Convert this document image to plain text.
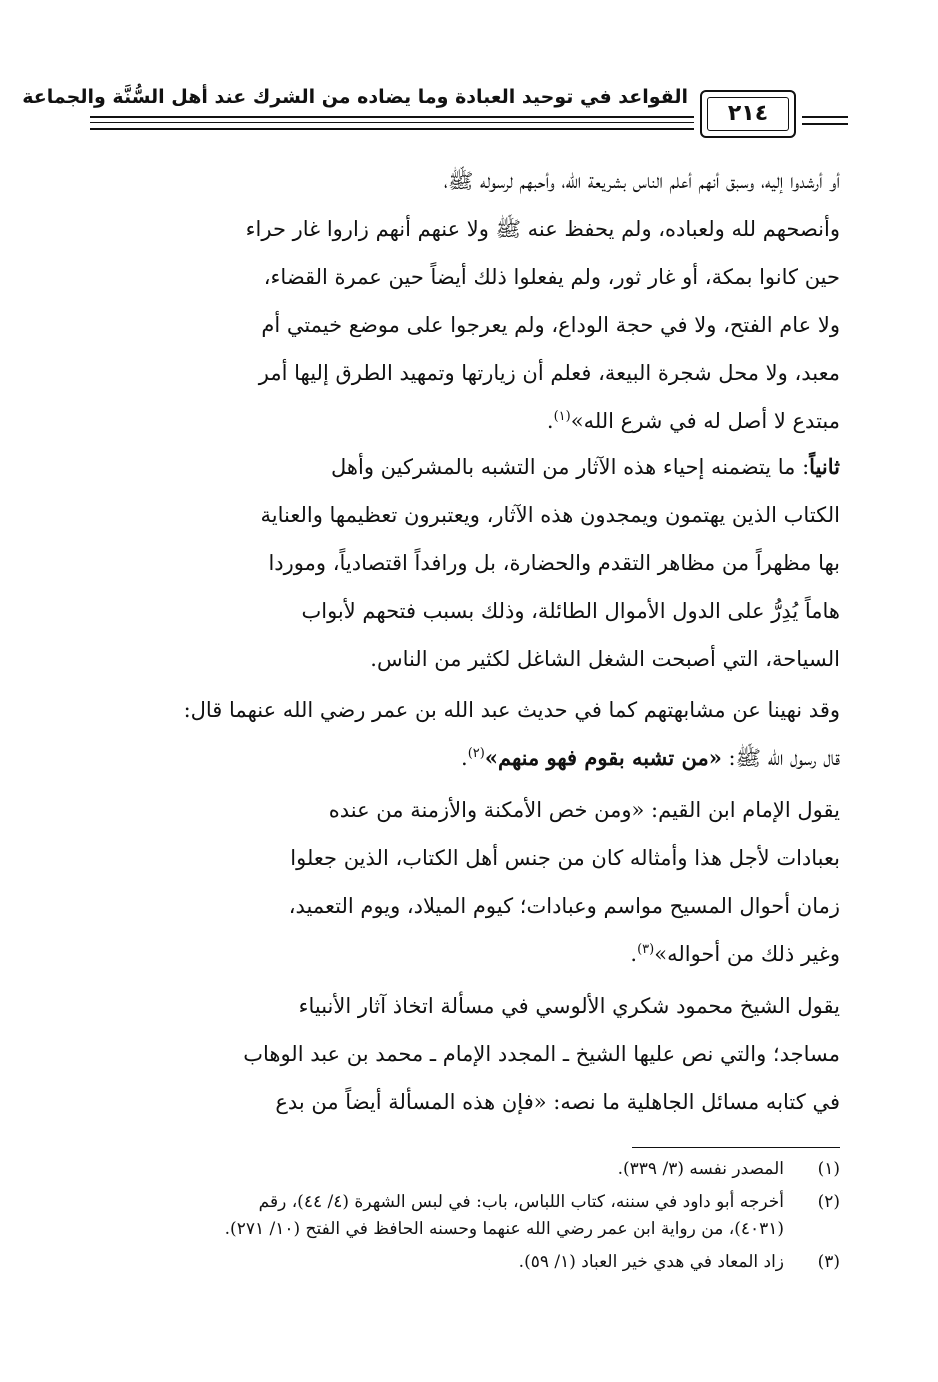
القواعد في توحيد العبادة وما يضاده من الشرك عند أهل السُّنَّة والجماعة
٢١٤
أو أرشدوا إليه، وسبق أنهم أعلم الناس بشريعة الله، وأحبهم لرسوله ﷺ،
وأنصحهم لله ولعباده، ولم يحفظ عنه ﷺ ولا عنهم أنهم زاروا غار حراء
حين كانوا بمكة، أو غار ثور، ولم يفعلوا ذلك أيضاً حين عمرة القضاء،
ولا عام الفتح، ولا في حجة الوداع، ولم يعرجوا على موضع خيمتي أم
معبد، ولا محل شجرة البيعة، فعلم أن زيارتها وتمهيد الطرق إليها أمر
مبتدع لا أصل له في شرع الله»$^{(١)}$.
ثانياً: ما يتضمنه إحياء هذه الآثار من التشبه بالمشركين وأهل
الكتاب الذين يهتمون ويمجدون هذه الآثار، ويعتبرون تعظيمها والعناية
بها مظهراً من مظاهر التقدم والحضارة، بل ورافداً اقتصادياً، وموردا
هاماً يُدِرُّ على الدول الأموال الطائلة، وذلك بسبب فتحهم لأبواب
السياحة، التي أصبحت الشغل الشاغل لكثير من الناس.
وقد نهينا عن مشابهتهم كما في حديث عبد الله بن عمر رضي الله عنهما قال:
قال رسول الله ﷺ: «من تشبه بقوم فهو منهم»$^{(٢)}$.
يقول الإمام ابن القيم: «ومن خص الأمكنة والأزمنة من عنده
بعبادات لأجل هذا وأمثاله كان من جنس أهل الكتاب، الذين جعلوا
زمان أحوال المسيح مواسم وعبادات؛ كيوم الميلاد، ويوم التعميد،
وغير ذلك من أحواله»$^{(٣)}$.
يقول الشيخ محمود شكري الألوسي في مسألة اتخاذ آثار الأنبياء
مساجد؛ والتي نص عليها الشيخ ـ المجدد الإمام ـ محمد بن عبد الوهاب
في كتابه مسائل الجاهلية ما نصه: «فإن هذه المسألة أيضاً من بدع
(١)
المصدر نفسه (٣/ ٣٣٩).
(٢)
أخرجه أبو داود في سننه، كتاب اللباس، باب: في لبس الشهرة (٤/ ٤٤)، رقم
(٤٠٣١)، من رواية ابن عمر رضي الله عنهما وحسنه الحافظ في الفتح (١٠/ ٢٧١).
(٣)
زاد المعاد في هدي خير العباد (١/ ٥٩).
